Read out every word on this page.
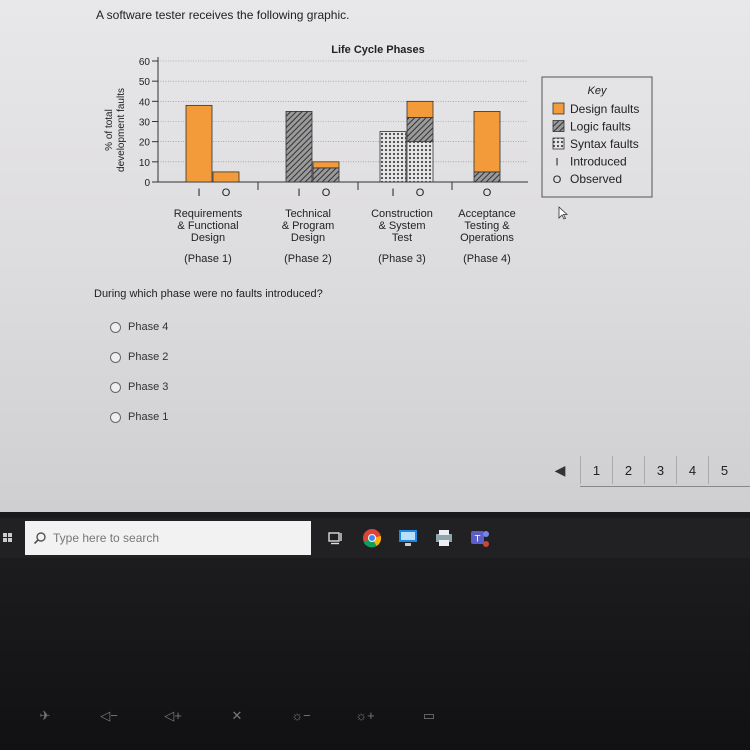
A software tester receives the following graphic.
Life Cycle Phases
60
50
40
30
20
10
0
% of total development faults
I O
Requirements
& Functional
Design
(Phase 1)
I O
Technical
& Program
Design
(Phase 2)
I O
Construction
& System
Test
(Phase 3)
O
Acceptance
Testing &
Operations
(Phase 4)
Key
Design faults
Logic faults
Syntax faults
I Introduced
O Observed
During which phase were no faults introduced?
Phase 4
Phase 2
Phase 3
Phase 1
◀	1	2	3	4	5
Type here to search	T
✈	◁−	◁+	✕	☼−	☼+	▭
